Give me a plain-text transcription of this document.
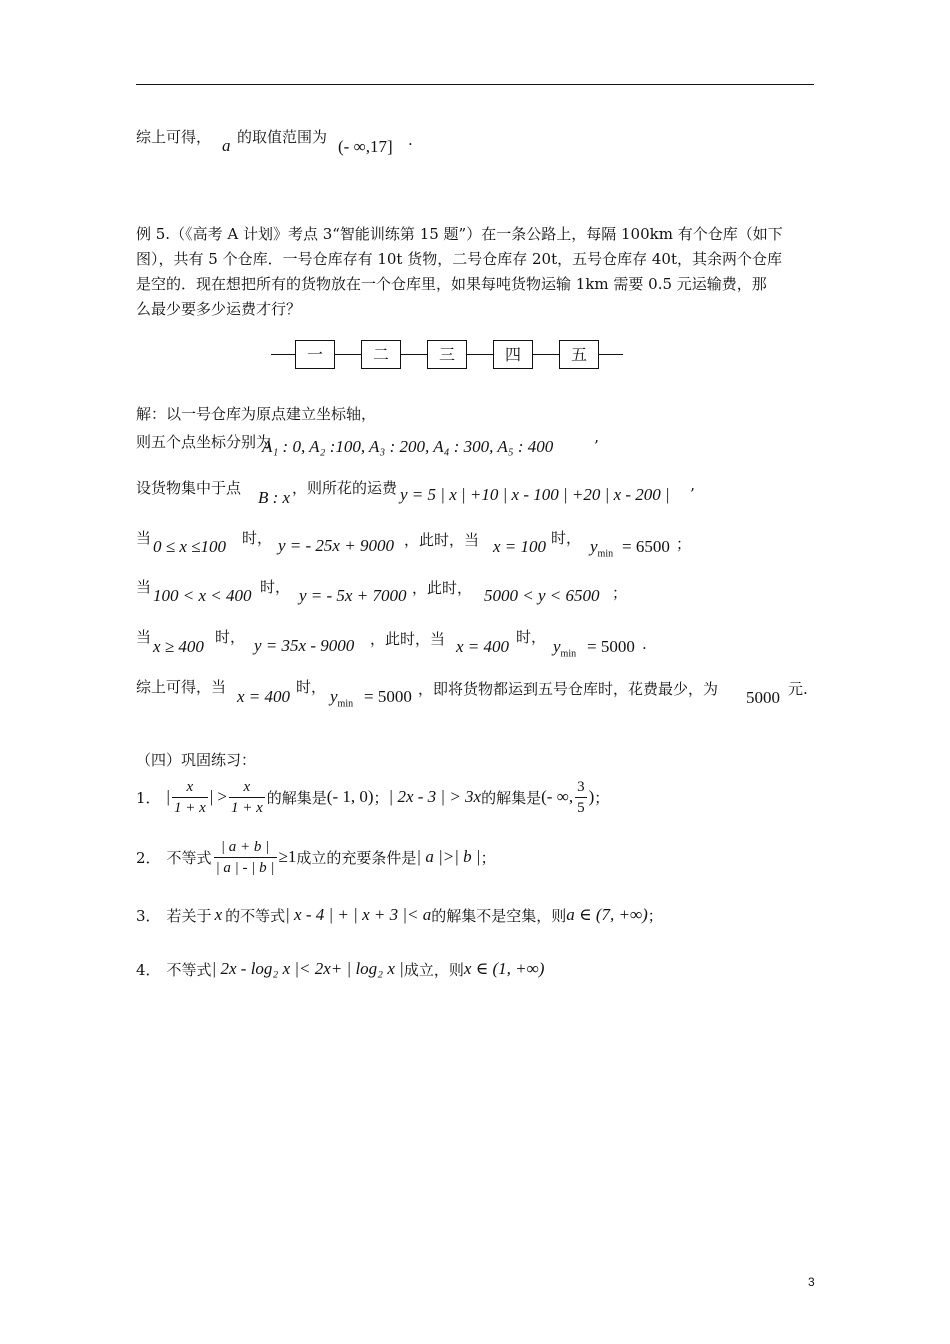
综上可得， a 的取值范围为 (- ∞,17] .
例 5.（《高考 A 计划》考点 3“智能训练第 15 题”）在一条公路上，每隔 100km 有个仓库（如下
图），共有 5 个仓库．一号仓库存有 10t 货物，二号仓库存 20t，五号仓库存 40t，其余两个仓库
是空的．现在想把所有的货物放在一个仓库里，如果每吨货物运输 1km 需要 0.5 元运输费，那
么最少要多少运费才行？
一	二	三	四	五
解：以一号仓库为原点建立坐标轴，
则五个点坐标分别为
A₁ : 0, A₂ :100, A₃ : 200, A₄ : 300, A₅ : 400	’
设货物集中于点 B : x ，则所花的运费 y = 5 | x | +10 | x - 100 | +20 | x - 200 | ’
当 0 ≤ x ≤100 时， y = - 25x + 9000 ，此时，当 x = 100 时， $y_{min} = 6500$ ；
当 100 < x < 400 时， y = - 5x + 7000 ，此时， 5000 < y < 6500 ；
当 x ≥ 400 时， y = 35x - 9000 ，此时，当 x = 400 时， $y_{min} = 5000$ .
综上可得，当 x = 400 时， $y_{min} = 5000$ ，即将货物都运到五号仓库时，花费最少，为 5000 元.
（四）巩固练习：
1． | $\frac{x}{1 + x}$ | > $\frac{x}{1 + x}$ 的解集是 (- 1, 0) ； | 2x - 3 | > 3x 的解集是 (- ∞, $\frac{3}{5}$ ) ；
2． 不等式 $\frac{| a + b |}{| a | - | b |} \ge 1$ 成立的充要条件是 | a |>| b | ；
3． 若关于 x 的不等式 | x - 4 | + | x + 3 |< a 的解集不是空集，则 a ∈ (7, +∞) ；
4． 不等式 | 2x - log₂ x |< 2x+ | log₂ x | 成立，则 x ∈ (1, +∞)
3
